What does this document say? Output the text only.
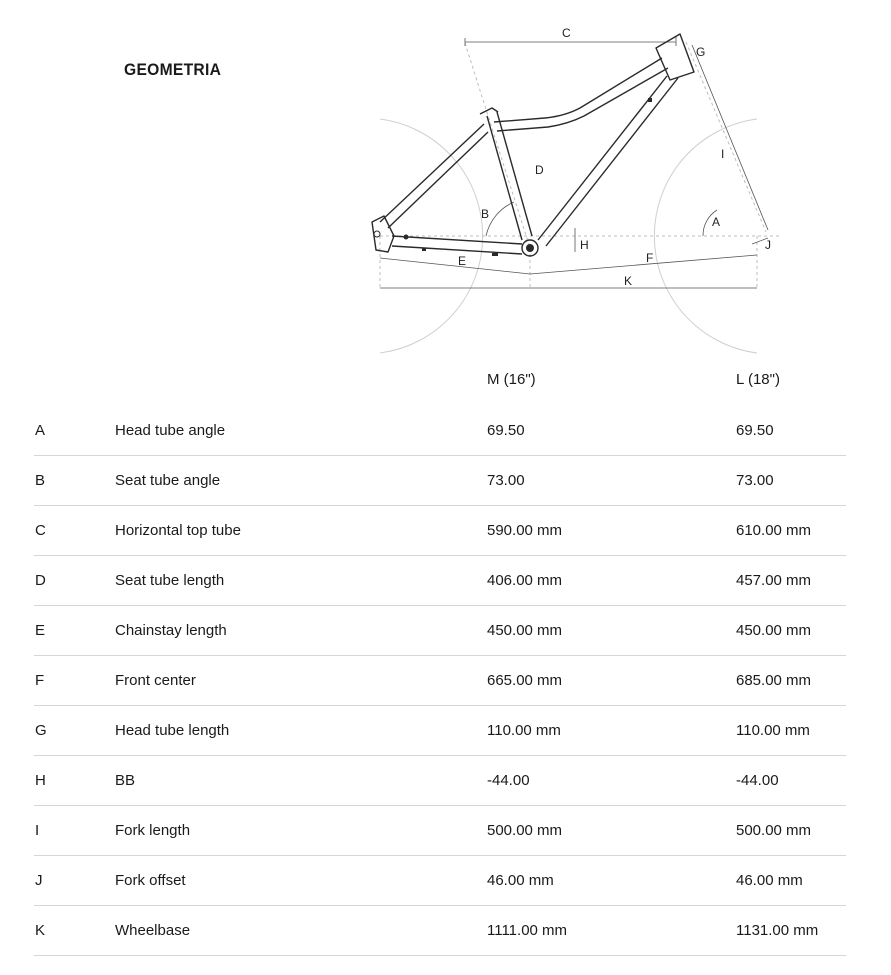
GEOMETRIA
C
G
D
I
B
A
H	J
E	F
K
M (16")	L (18")
A	Head tube angle	69.50	69.50
B	Seat tube angle	73.00	73.00
C	Horizontal top tube	590.00 mm	610.00 mm
D	Seat tube length	406.00 mm	457.00 mm
E	Chainstay length	450.00 mm	450.00 mm
F	Front center	665.00 mm	685.00 mm
G	Head tube length	110.00 mm	110.00 mm
H	BB	-44.00	-44.00
I	Fork length	500.00 mm	500.00 mm
J	Fork offset	46.00 mm	46.00 mm
K	Wheelbase	1111.00 mm	1131.00 mm
